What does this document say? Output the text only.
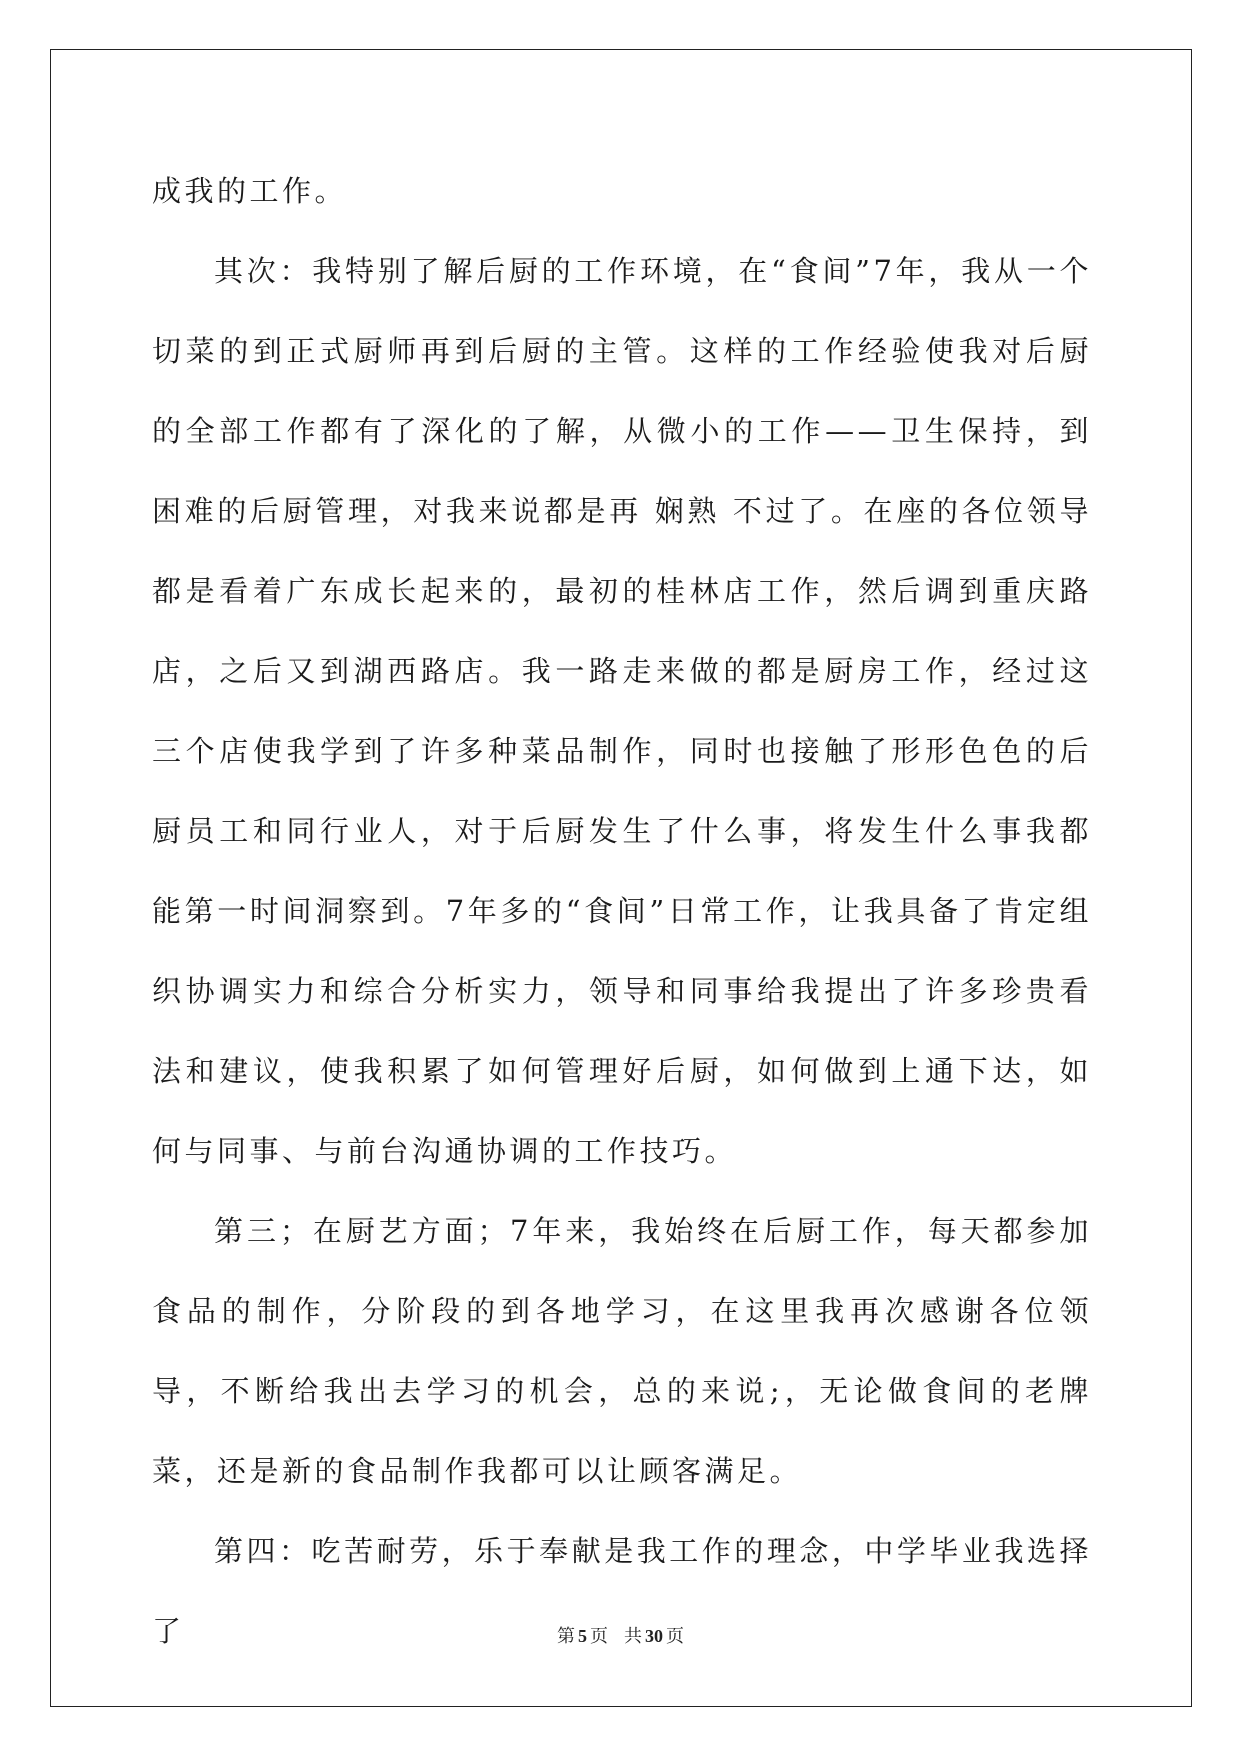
成我的工作。

其次：我特别了解后厨的工作环境，在“食间”7年，我从一个切菜的到正式厨师再到后厨的主管。这样的工作经验使我对后厨的全部工作都有了深化的了解，从微小的工作——卫生保持，到困难的后厨管理，对我来说都是再 娴熟 不过了。在座的各位领导都是看着广东成长起来的，最初的桂林店工作，然后调到重庆路店，之后又到湖西路店。我一路走来做的都是厨房工作，经过这三个店使我学到了许多种菜品制作，同时也接触了形形色色的后厨员工和同行业人，对于后厨发生了什么事，将发生什么事我都能第一时间洞察到。7年多的“食间”日常工作，让我具备了肯定组织协调实力和综合分析实力，领导和同事给我提出了许多珍贵看法和建议，使我积累了如何管理好后厨，如何做到上通下达，如何与同事、与前台沟通协调的工作技巧。

第三；在厨艺方面；7年来，我始终在后厨工作，每天都参加食品的制作，分阶段的到各地学习，在这里我再次感谢各位领导，不断给我出去学习的机会，总的来说;，无论做食间的老牌菜，还是新的食品制作我都可以让顾客满足。

第四：吃苦耐劳，乐于奉献是我工作的理念，中学毕业我选择了	第 5 页 共 30 页
